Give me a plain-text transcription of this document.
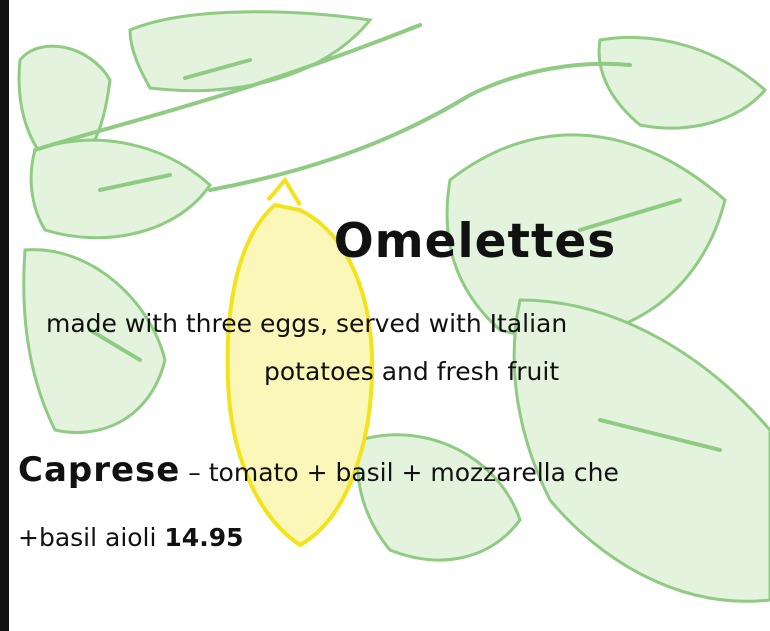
Omelettes
made with three eggs, served with Italian
potatoes and fresh fruit
Caprese – tomato + basil + mozzarella che
+basil aioli 14.95
